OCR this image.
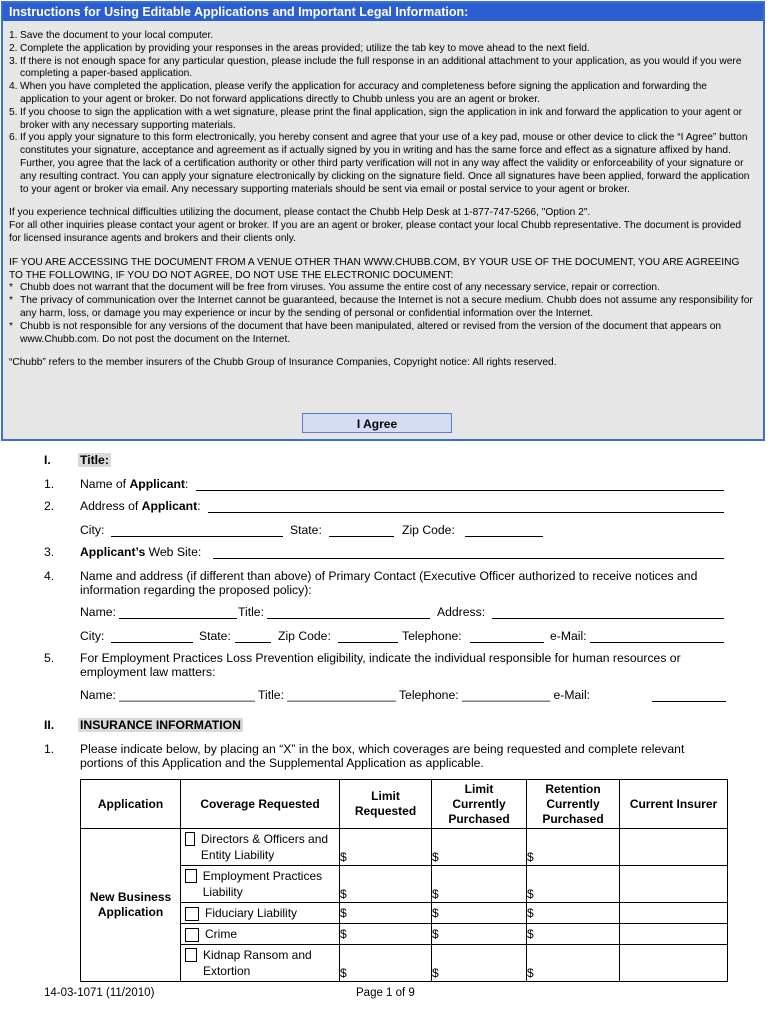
Instructions for Using Editable Applications and Important Legal Information:
1. Save the document to your local computer.
2. Complete the application by providing your responses in the areas provided; utilize the tab key to move ahead to the next field.
3. If there is not enough space for any particular question, please include the full response in an additional attachment to your application, as you would if you were completing a paper-based application.
4. When you have completed the application, please verify the application for accuracy and completeness before signing the application and forwarding the application to your agent or broker. Do not forward applications directly to Chubb unless you are an agent or broker.
5. If you choose to sign the application with a wet signature, please print the final application, sign the application in ink and forward the application to your agent or broker with any necessary supporting materials.
6. If you apply your signature to this form electronically, you hereby consent and agree that your use of a key pad, mouse or other device to click the “I Agree” button constitutes your signature, acceptance and agreement as if actually signed by you in writing and has the same force and effect as a signature affixed by hand. Further, you agree that the lack of a certification authority or other third party verification will not in any way affect the validity or enforceability of your signature or any resulting contract. You can apply your signature electronically by clicking on the signature field. Once all signatures have been applied, forward the application to your agent or broker via email. Any necessary supporting materials should be sent via email or postal service to your agent or broker.

If you experience technical difficulties utilizing the document, please contact the Chubb Help Desk at 1-877-747-5266, "Option 2".

For all other inquiries please contact your agent or broker. If you are an agent or broker, please contact your local Chubb representative. The document is provided for licensed insurance agents and brokers and their clients only.

IF YOU ARE ACCESSING THE DOCUMENT FROM A VENUE OTHER THAN WWW.CHUBB.COM, BY YOUR USE OF THE DOCUMENT, YOU ARE AGREEING TO THE FOLLOWING, IF YOU DO NOT AGREE, DO NOT USE THE ELECTRONIC DOCUMENT:

* Chubb does not warrant that the document will be free from viruses. You assume the entire cost of any necessary service, repair or correction.
* The privacy of communication over the Internet cannot be guaranteed, because the Internet is not a secure medium. Chubb does not assume any responsibility for any harm, loss, or damage you may experience or incur by the sending of personal or confidential information over the Internet.
* Chubb is not responsible for any versions of the document that have been manipulated, altered or revised from the version of the document that appears on www.Chubb.com. Do not post the document on the Internet.

“Chubb” refers to the member insurers of the Chubb Group of Insurance Companies, Copyright notice: All rights reserved.

I Agree
I. Title:
1. Name of Applicant:
2. Address of Applicant:
City:	State:	Zip Code:
3. Applicant’s Web Site:
4. Name and address (if different than above) of Primary Contact (Executive Officer authorized to receive notices and
information regarding the proposed policy):
Name:	Title:	Address:
City:	State:	Zip Code:	Telephone:	e-Mail:
5. For Employment Practices Loss Prevention eligibility, indicate the individual responsible for human resources or
employment law matters:
Name: ____________________ Title: ________________ Telephone: _____________ e-Mail:
II. INSURANCE INFORMATION
1. Please indicate below, by placing an “X” in the box, which coverages are being requested and complete relevant
portions of this Application and the Supplemental Application as applicable.
Application	Coverage Requested	Limit Requested	Limit Currently Purchased	Retention Currently Purchased	Current Insurer
New Business Application	Directors & Officers and Entity Liability	$	$	$	

	Employment Practices Liability	$	$	$	
	Fiduciary Liability	$	$	$	
	Crime	$	$	$	

	Kidnap Ransom and Extortion	$	$	$	
14-03-1071 (11/2010)	Page 1 of 9
